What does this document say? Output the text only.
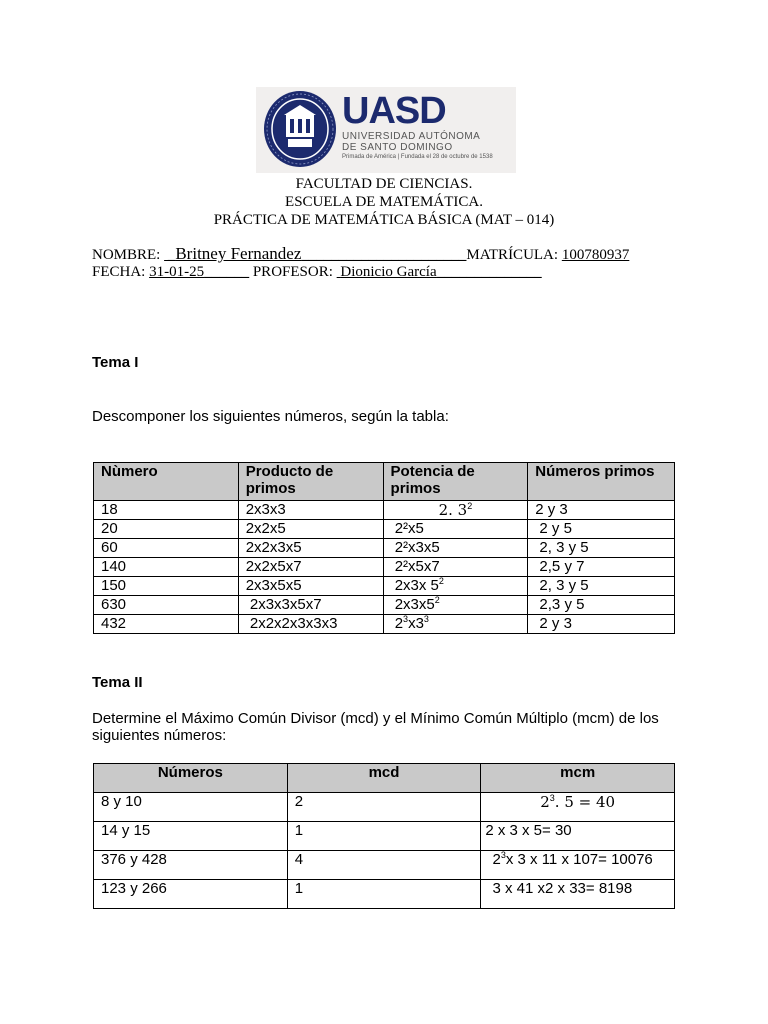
UASD
UNIVERSIDAD AUTÓNOMA
DE SANTO DOMINGO
Primada de América | Fundada el 28 de octubre de 1538
FACULTAD DE CIENCIAS.
ESCUELA DE MATEMÁTICA.
PRÁCTICA DE MATEMÁTICA BÁSICA (MAT – 014)
NOMBRE:  _Britney Fernandez______________________MATRÍCULA: 100780937
FECHA: 31-01-25______ PROFESOR: Dionicio García______________
Tema I
Descomponer los siguientes números, según la tabla:
Nùmero	Producto de primos	Potencia de primos	Números primos
18	2x3x3	2. $3^2$	2 y 3
20	2x2x5	2²x5	2 y 5
60	2x2x3x5	2²x3x5	2, 3 y 5
140	2x2x5x7	2²x5x7	2,5 y 7
150	2x3x5x5	2x3x $5^2$	2, 3 y 5
630	2x3x3x5x7	$2x3x5^2$	2,3 y 5
432	2x2x2x3x3x3	$2^3x3^3$	2 y 3
Tema II
Determine el Máximo Común Divisor (mcd) y el Mínimo Común Múltiplo (mcm) de los siguientes números:
Números	mcd	mcm
8 y 10	2	$2^3$. 5 = 40
14 y 15	1	2 x 3 x 5= 30
376 y 428	4	$2^3x$ 3 x 11 x 107= 10076
123 y 266	1	3 x 41 x2 x 33= 8198
